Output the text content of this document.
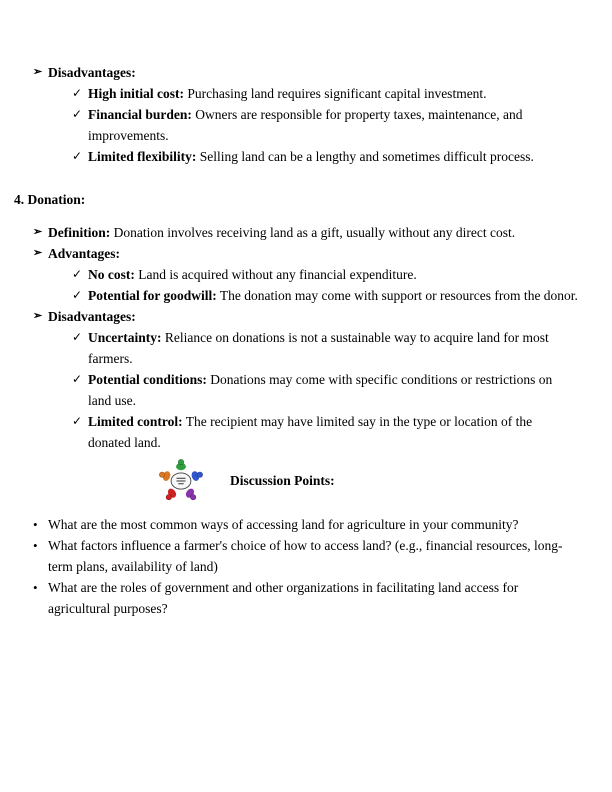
➢ Disadvantages:
✓ High initial cost: Purchasing land requires significant capital investment.
✓ Financial burden: Owners are responsible for property taxes, maintenance, and improvements.
✓ Limited flexibility: Selling land can be a lengthy and sometimes difficult process.
4. Donation:
➢ Definition: Donation involves receiving land as a gift, usually without any direct cost.
➢ Advantages:
✓ No cost: Land is acquired without any financial expenditure.
✓ Potential for goodwill: The donation may come with support or resources from the donor.
➢ Disadvantages:
✓ Uncertainty: Reliance on donations is not a sustainable way to acquire land for most farmers.
✓ Potential conditions: Donations may come with specific conditions or restrictions on land use.
✓ Limited control: The recipient may have limited say in the type or location of the donated land.
Discussion Points:
• What are the most common ways of accessing land for agriculture in your community?
• What factors influence a farmer's choice of how to access land? (e.g., financial resources, long-term plans, availability of land)
• What are the roles of government and other organizations in facilitating land access for agricultural purposes?
